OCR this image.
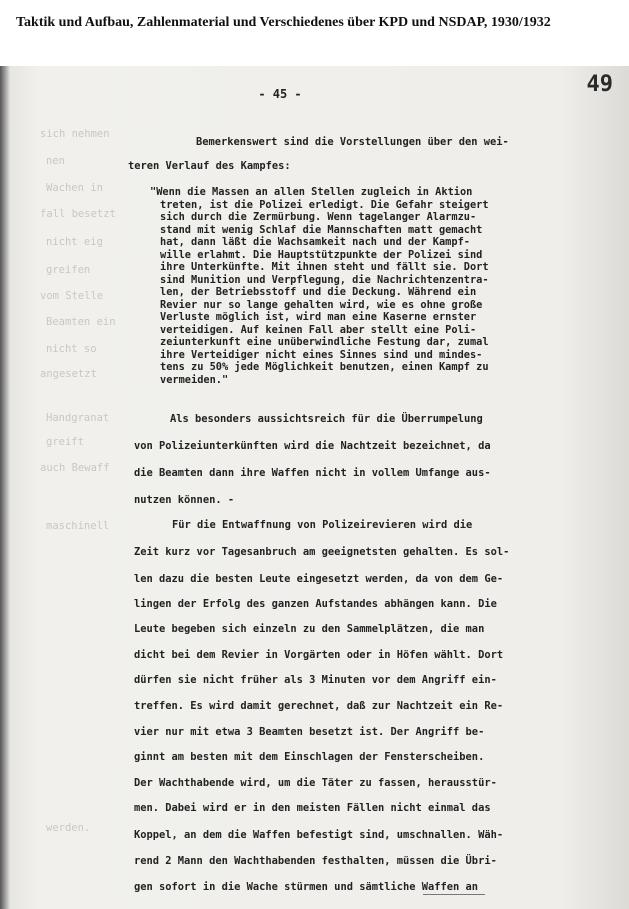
Taktik und Aufbau, Zahlenmaterial und Verschiedenes über KPD und NSDAP, 1930/1932
49
- 45 -
sich nehmen
nen
Wachen in
fall besetzt
nicht eig
greifen
vom Stelle
Beamten ein
nicht so
angesetzt
Handgranat
greift
auch Bewaff
maschinell
werden.
Bemerkenswert sind die Vorstellungen über den wei-
teren Verlauf des Kampfes:
"Wenn die Massen an allen Stellen zugleich in Aktion
treten, ist die Polizei erledigt. Die Gefahr steigert
sich durch die Zermürbung. Wenn tagelanger Alarmzu-
stand mit wenig Schlaf die Mannschaften matt gemacht
hat, dann läßt die Wachsamkeit nach und der Kampf-
wille erlahmt. Die Hauptstützpunkte der Polizei sind
ihre Unterkünfte. Mit ihnen steht und fällt sie. Dort
sind Munition und Verpflegung, die Nachrichtenzentra-
len, der Betriebsstoff und die Deckung. Während ein
Revier nur so lange gehalten wird, wie es ohne große
Verluste möglich ist, wird man eine Kaserne ernster
verteidigen. Auf keinen Fall aber stellt eine Poli-
zeiunterkunft eine unüberwindliche Festung dar, zumal
ihre Verteidiger nicht eines Sinnes sind und mindes-
tens zu 50% jede Möglichkeit benutzen, einen Kampf zu
vermeiden."
Als besonders aussichtsreich für die Überrumpelung
von Polizeiunterkünften wird die Nachtzeit bezeichnet, da
die Beamten dann ihre Waffen nicht in vollem Umfange aus-
nutzen können. -
Für die Entwaffnung von Polizeirevieren wird die
Zeit kurz vor Tagesanbruch am geeignetsten gehalten. Es sol-
len dazu die besten Leute eingesetzt werden, da von dem Ge-
lingen der Erfolg des ganzen Aufstandes abhängen kann. Die
Leute begeben sich einzeln zu den Sammelplätzen, die man
dicht bei dem Revier in Vorgärten oder in Höfen wählt. Dort
dürfen sie nicht früher als 3 Minuten vor dem Angriff ein-
treffen. Es wird damit gerechnet, daß zur Nachtzeit ein Re-
vier nur mit etwa 3 Beamten besetzt ist. Der Angriff be-
ginnt am besten mit dem Einschlagen der Fensterscheiben.
Der Wachthabende wird, um die Täter zu fassen, herausstür-
men. Dabei wird er in den meisten Fällen nicht einmal das
Koppel, an dem die Waffen befestigt sind, umschnallen. Wäh-
rend 2 Mann den Wachthabenden festhalten, müssen die Übri-
gen sofort in die Wache stürmen und sämtliche Waffen an
